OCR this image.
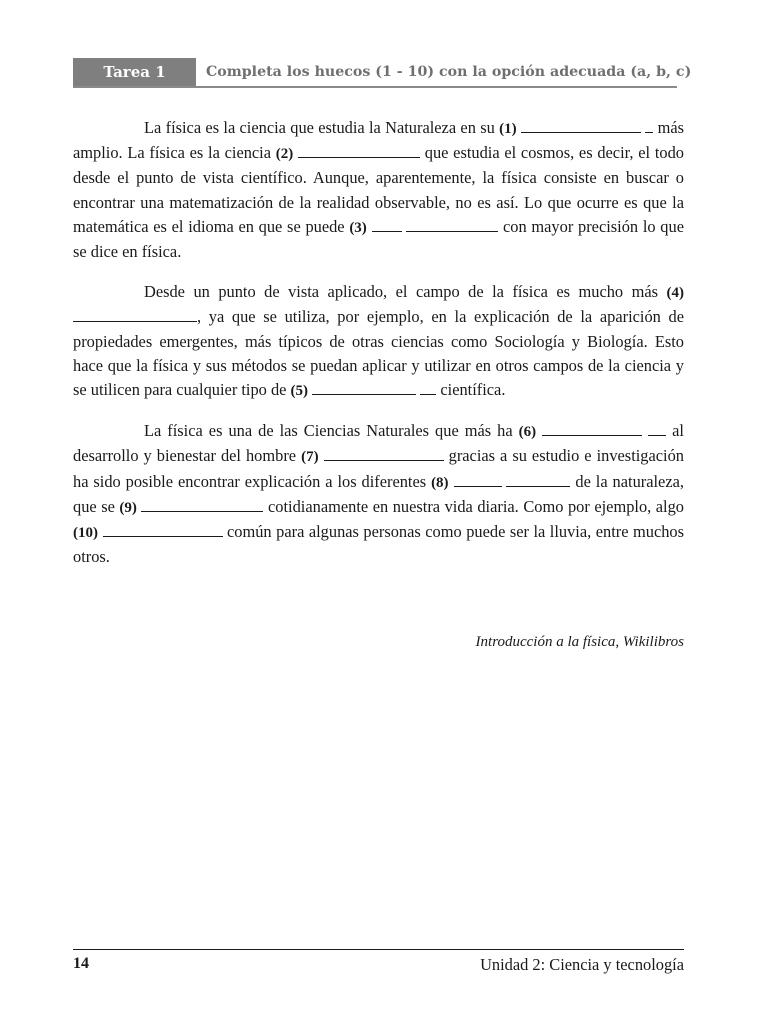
Tarea 1	Completa los huecos (1 - 10) con la opción adecuada (a, b, c)

La física es la ciencia que estudia la Naturaleza en su (1)	más amplio. La física es la ciencia (2)	que estudia el cosmos, es decir, el todo desde el punto de vista científico. Aunque, aparentemente, la física consiste en buscar o encontrar una matematización de la realidad observable, no es así. Lo que ocurre es que la matemática es el idioma en que se puede (3)	con mayor precisión lo que se dice en física.

Desde un punto de vista aplicado, el campo de la física es mucho más (4) , ya que se utiliza, por ejemplo, en la explicación de la aparición de propiedades emergentes, más típicos de otras ciencias como Sociología y Biología. Esto hace que la física y sus métodos se puedan aplicar y utilizar en otros campos de la ciencia y se utilicen para cualquier tipo de (5)	científica.

La física es una de las Ciencias Naturales que más ha (6)	al desarrollo y bienestar del hombre (7)	gracias a su estudio e investigación ha sido posible encontrar explicación a los diferentes (8)	de la naturaleza, que se (9)	cotidianamente en nuestra vida diaria. Como por ejemplo, algo (10)	común para algunas personas como puede ser la lluvia, entre muchos otros.

Introducción a la física, Wikilibros
14	Unidad 2: Ciencia y tecnología
